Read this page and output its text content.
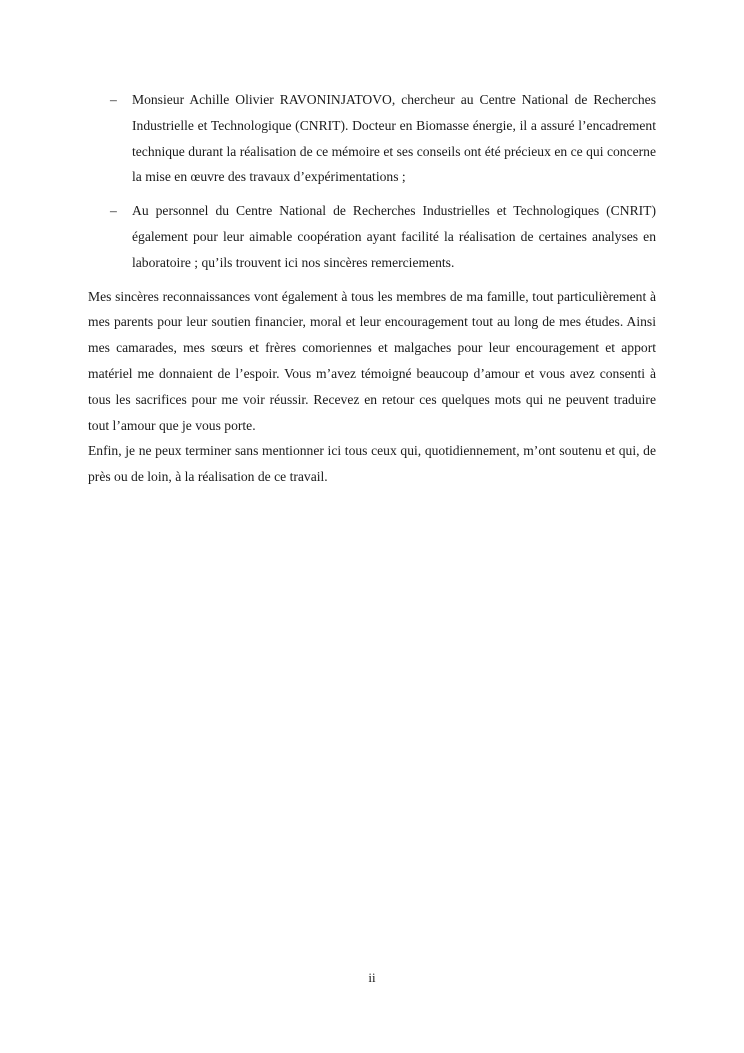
– Monsieur Achille Olivier RAVONINJATOVO, chercheur au Centre National de Recherches Industrielle et Technologique (CNRIT). Docteur en Biomasse énergie, il a assuré l’encadrement technique durant la réalisation de ce mémoire et ses conseils ont été précieux en ce qui concerne la mise en œuvre des travaux d’expérimentations ;
– Au personnel du Centre National de Recherches Industrielles et Technologiques (CNRIT) également pour leur aimable coopération ayant facilité la réalisation de certaines analyses en laboratoire ; qu’ils trouvent ici nos sincères remerciements.

Mes sincères reconnaissances vont également à tous les membres de ma famille, tout particulièrement à mes parents pour leur soutien financier, moral et leur encouragement tout au long de mes études. Ainsi mes camarades, mes sœurs et frères comoriennes et malgaches pour leur encouragement et apport matériel me donnaient de l’espoir. Vous m’avez témoigné beaucoup d’amour et vous avez consenti à tous les sacrifices pour me voir réussir. Recevez en retour ces quelques mots qui ne peuvent traduire tout l’amour que je vous porte.

Enfin, je ne peux terminer sans mentionner ici tous ceux qui, quotidiennement, m’ont soutenu et qui, de près ou de loin, à la réalisation de ce travail.

ii
